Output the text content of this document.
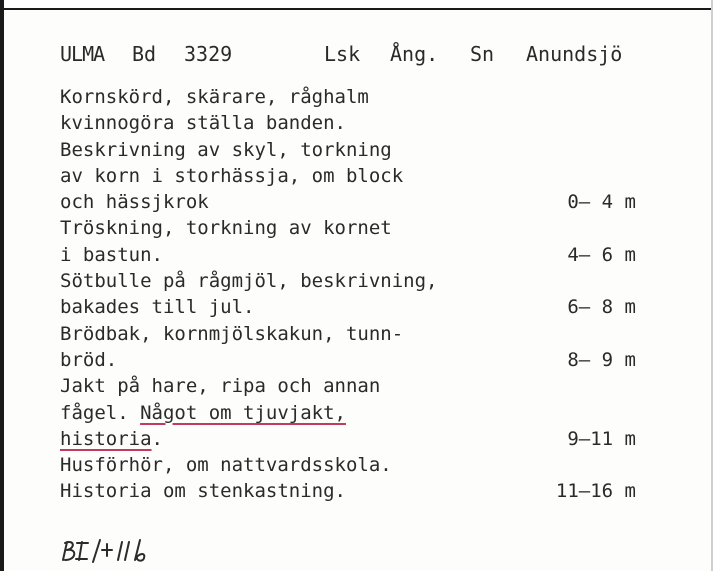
ULMA Bd 3329	Lsk Ång. Sn Anundsjö
Kornskörd, skärare, råghalm
kvinnogöra ställa banden.
Beskrivning av skyl, torkning
av korn i storhässja, om block
och hässjkrok	0– 4 m
Tröskning, torkning av kornet
i bastun.	4– 6 m
Sötbulle på rågmjöl, beskrivning,
bakades till jul.	6– 8 m
Brödbak, kornmjölskakun, tunn-
bröd.	8– 9 m
Jakt på hare, ripa och annan
fågel. Något om tjuvjakt,
historia.	9–11 m
Husförhör, om nattvardsskola.
Historia om stenkastning.	11–16 m
